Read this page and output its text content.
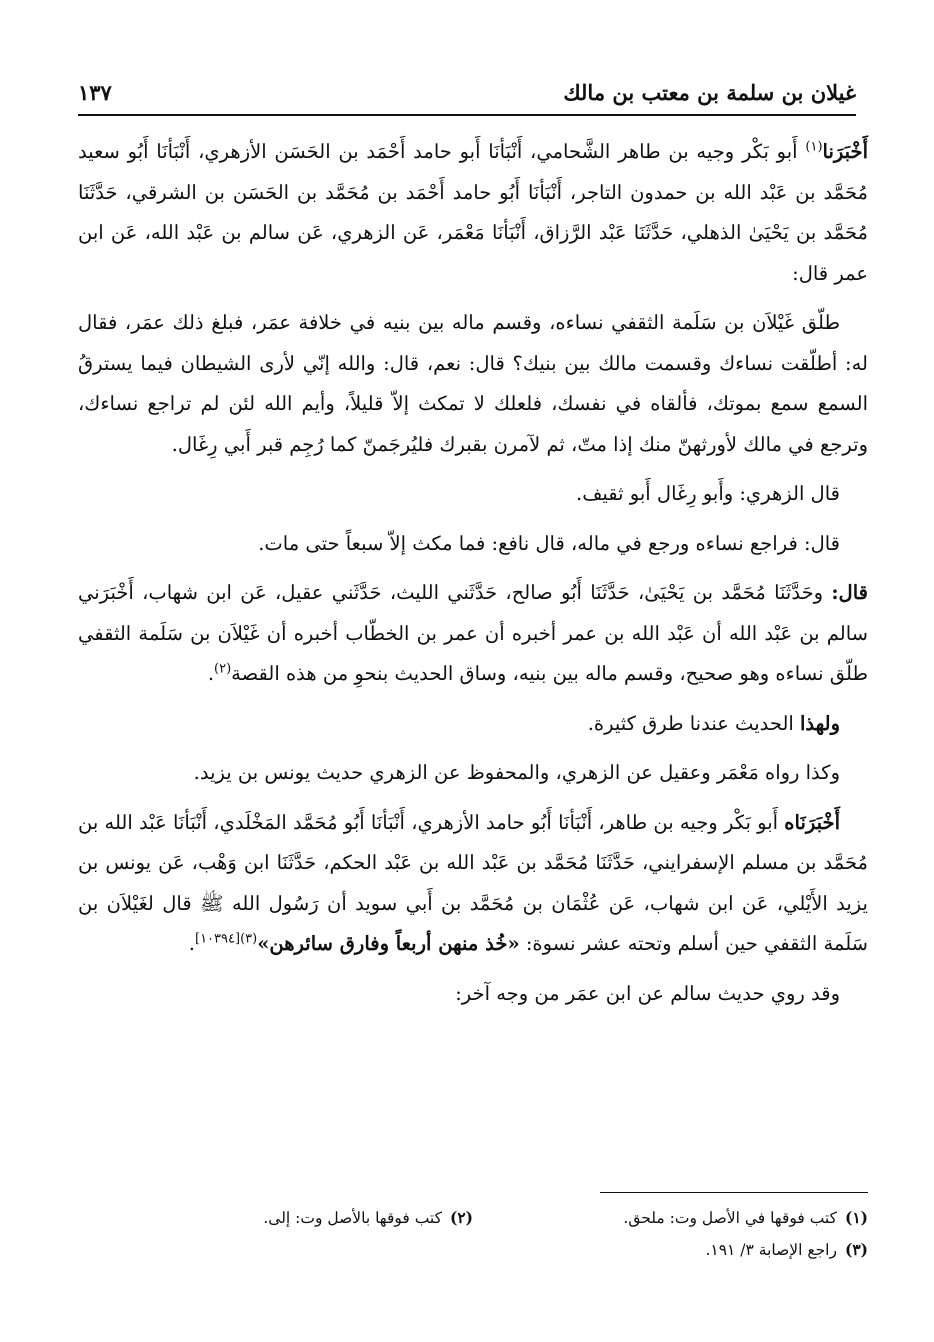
غيلان بن سلمة بن معتب بن مالك
١٣٧

أَخْبَرَنا$^{(١)}$ أَبو بَكْر وجيه بن طاهر الشَّحامي، أَنْبَأنَا أَبو حامد أَحْمَد بن الحَسَن الأزهري، أَنْبَأنَا أَبُو سعيد مُحَمَّد بن عَبْد الله بن حمدون التاجر، أَنْبَأنَا أَبُو حامد أَحْمَد بن مُحَمَّد بن الحَسَن بن الشرقي، حَدَّثَنَا مُحَمَّد بن يَحْيَىٰ الذهلي، حَدَّثَنَا عَبْد الرَّزاق، أَنْبَأنَا مَعْمَر، عَن الزهري، عَن سالم بن عَبْد الله، عَن ابن عمر قال:

طلّق غَيْلاَن بن سَلَمة الثقفي نساءه، وقسم ماله بين بنيه في خلافة عمَر، فبلغ ذلك عمَر، فقال له: أطلّقت نساءك وقسمت مالك بين بنيك؟ قال: نعم، قال: والله إنّي لأرى الشيطان فيما يسترقُ السمع سمع بموتك، فألقاه في نفسك، فلعلك لا تمكث إلاّ قليلاً، وأيم الله لئن لم تراجع نساءك، وترجع في مالك لأورثهنّ منك إذا متّ، ثم لآمرن بقبرك فليُرجَمنّ كما رُجِم قبر أَبي رِغَال.

قال الزهري: وأَبو رِغَال أَبو ثقيف.

قال: فراجع نساءه ورجع في ماله، قال نافع: فما مكث إلاّ سبعاً حتى مات.

قال: وحَدَّثَنَا مُحَمَّد بن يَحْيَىٰ، حَدَّثَنَا أَبُو صالح، حَدَّثَني الليث، حَدَّثَني عقيل، عَن ابن شهاب، أَخْبَرَني سالم بن عَبْد الله أن عَبْد الله بن عمر أخبره أن عمر بن الخطّاب أخبره أن غَيْلاَن بن سَلَمة الثقفي طلّق نساءه وهو صحيح، وقسم ماله بين بنيه، وساق الحديث بنحوِ من هذه القصة$^{(٢)}$.

ولهذا الحديث عندنا طرق كثيرة.

وكذا رواه مَعْمَر وعقيل عن الزهري، والمحفوظ عن الزهري حديث يونس بن يزيد.

أَخْبَرَنَاه أَبو بَكْر وجيه بن طاهر، أَنْبَأنَا أَبُو حامد الأزهري، أَنْبَأنَا أَبُو مُحَمَّد المَخْلَدي، أَنْبَأنَا عَبْد الله بن مُحَمَّد بن مسلم الإسفرايني، حَدَّثَنَا مُحَمَّد بن عَبْد الله بن عَبْد الحكم، حَدَّثَنَا ابن وَهْب، عَن يونس بن يزيد الأَيْلي، عَن ابن شهاب، عَن عُثْمَان بن مُحَمَّد بن أَبي سويد أن رَسُول الله ﷺ قال لغَيْلاَن بن سَلَمة الثقفي حين أسلم وتحته عشر نسوة: «خُذ منهن أربعاً وفارق سائرهن»$^{(٣)[١٠٣٩٤]}$.

وقد روي حديث سالم عن ابن عمَر من وجه آخر:

(١)كتب فوقها في الأصل وت: ملحق.
(٢)كتب فوقها بالأصل وت: إلى.
(٣)راجع الإصابة ٣/ ١٩١.
